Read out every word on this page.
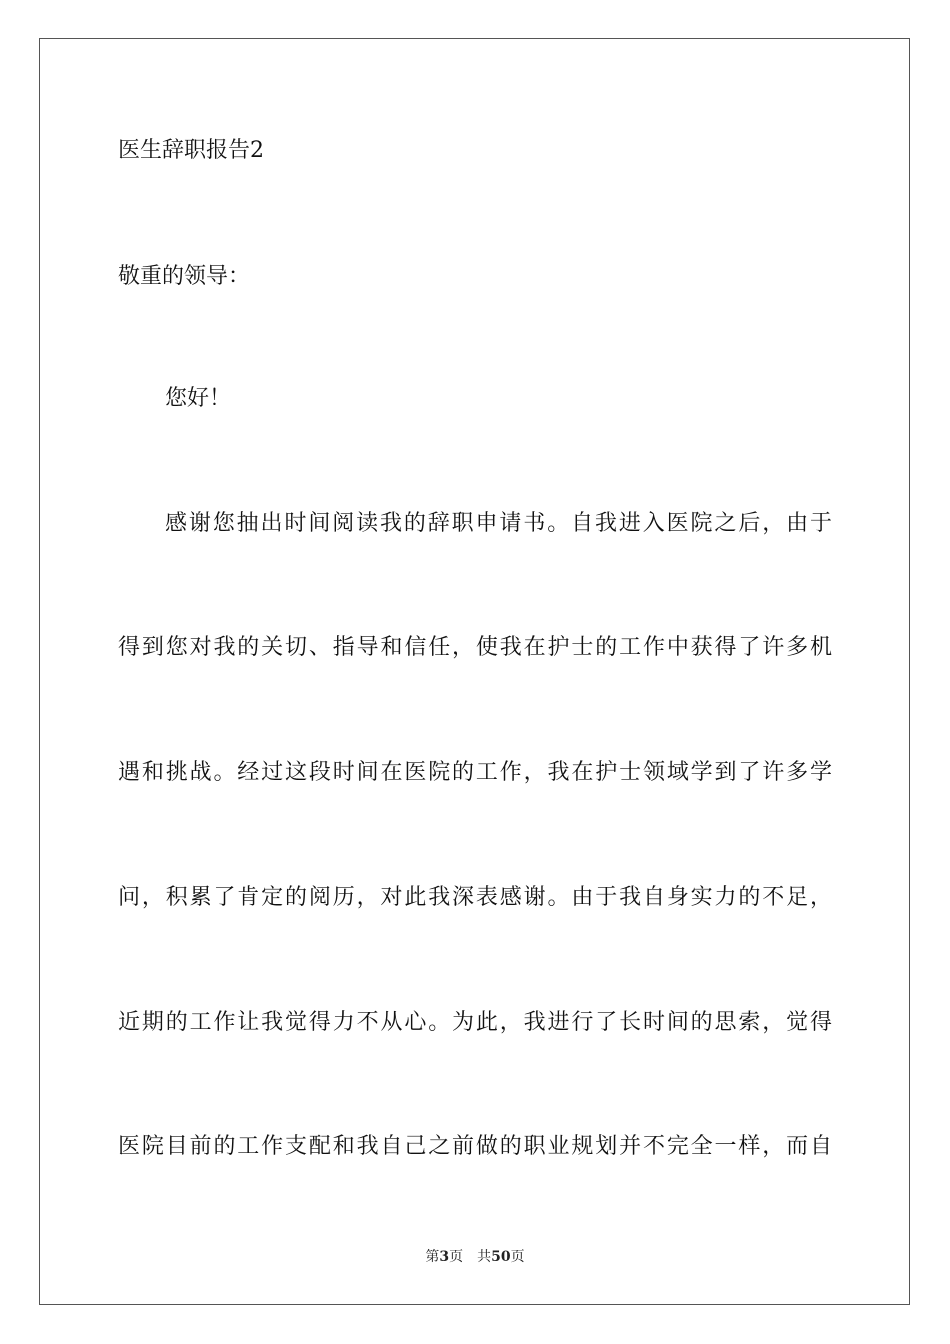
医生辞职报告2
敬重的领导：
您好！
感谢您抽出时间阅读我的辞职申请书。自我进入医院之后，由于
得到您对我的关切、指导和信任，使我在护士的工作中获得了许多机
遇和挑战。经过这段时间在医院的工作，我在护士领域学到了许多学
问，积累了肯定的阅历，对此我深表感谢。由于我自身实力的不足，
近期的工作让我觉得力不从心。为此，我进行了长时间的思索，觉得
医院目前的工作支配和我自己之前做的职业规划并不完全一样，而自
第3页 共50页
